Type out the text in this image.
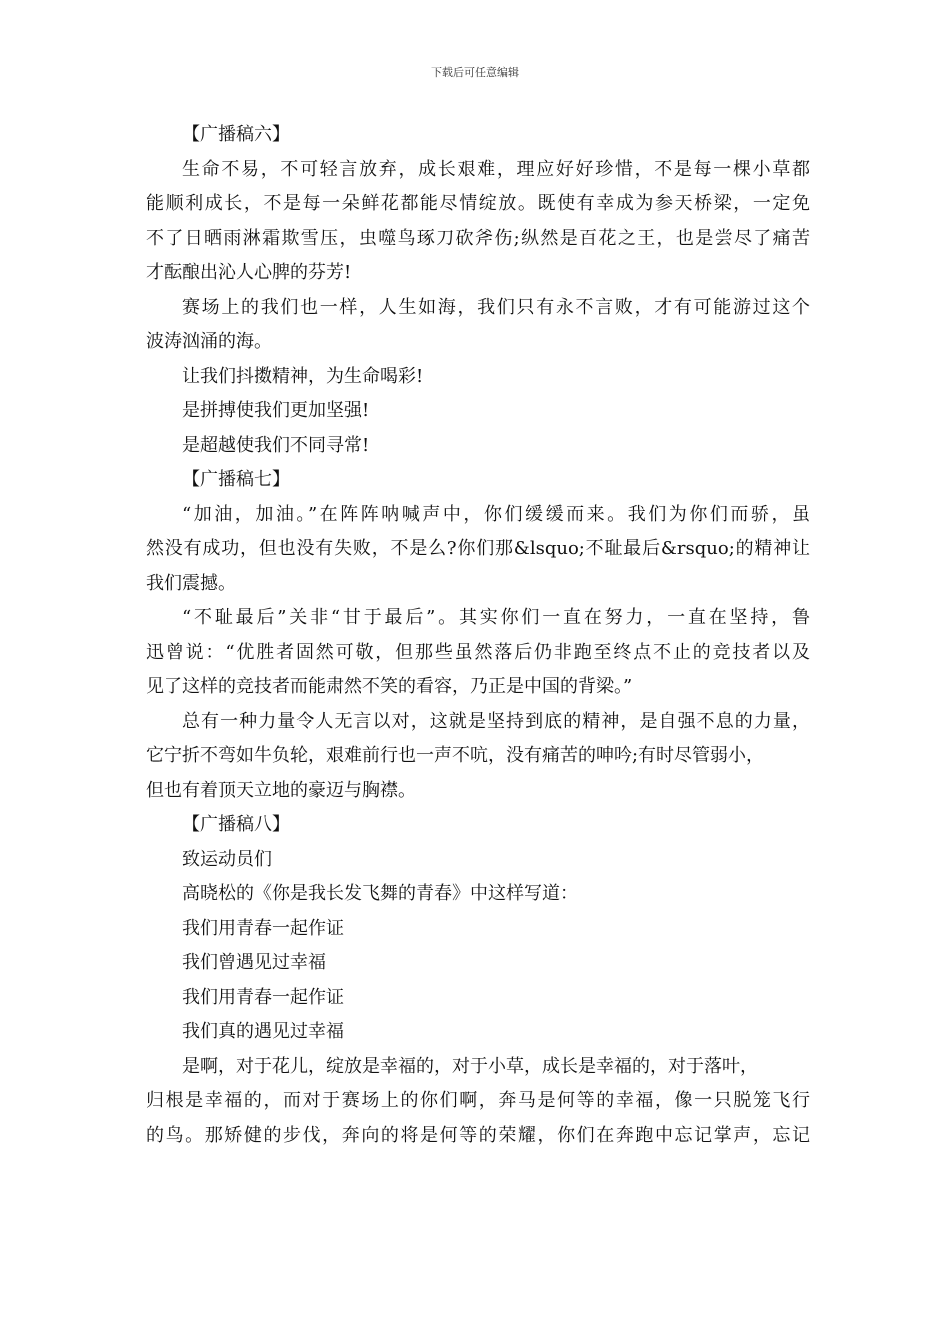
下载后可任意编辑
【广播稿六】
生命不易，不可轻言放弃，成长艰难，理应好好珍惜，不是每一棵小草都
能顺利成长，不是每一朵鲜花都能尽情绽放。既使有幸成为参天桥梁，一定免
不了日晒雨淋霜欺雪压，虫噬鸟琢刀砍斧伤;纵然是百花之王，也是尝尽了痛苦
才酝酿出沁人心脾的芬芳!
赛场上的我们也一样，人生如海，我们只有永不言败，才有可能游过这个
波涛汹涌的海。
让我们抖擞精神，为生命喝彩!
是拼搏使我们更加坚强!
是超越使我们不同寻常!
【广播稿七】
“加油，加油。”在阵阵呐喊声中，你们缓缓而来。我们为你们而骄，虽
然没有成功，但也没有失败，不是么?你们那&lsquo;不耻最后&rsquo;的精神让
我们震撼。
“不耻最后”关非“甘于最后”。其实你们一直在努力，一直在坚持，鲁
迅曾说：“优胜者固然可敬，但那些虽然落后仍非跑至终点不止的竞技者以及
见了这样的竞技者而能肃然不笑的看容，乃正是中国的背梁。”
总有一种力量令人无言以对，这就是坚持到底的精神，是自强不息的力量，
它宁折不弯如牛负轮，艰难前行也一声不吭，没有痛苦的呻吟;有时尽管弱小，
但也有着顶天立地的豪迈与胸襟。
【广播稿八】
致运动员们
高晓松的《你是我长发飞舞的青春》中这样写道：
我们用青春一起作证
我们曾遇见过幸福
我们用青春一起作证
我们真的遇见过幸福
是啊，对于花儿，绽放是幸福的，对于小草，成长是幸福的，对于落叶，
归根是幸福的，而对于赛场上的你们啊，奔马是何等的幸福，像一只脱笼飞行
的鸟。那矫健的步伐，奔向的将是何等的荣耀，你们在奔跑中忘记掌声，忘记
